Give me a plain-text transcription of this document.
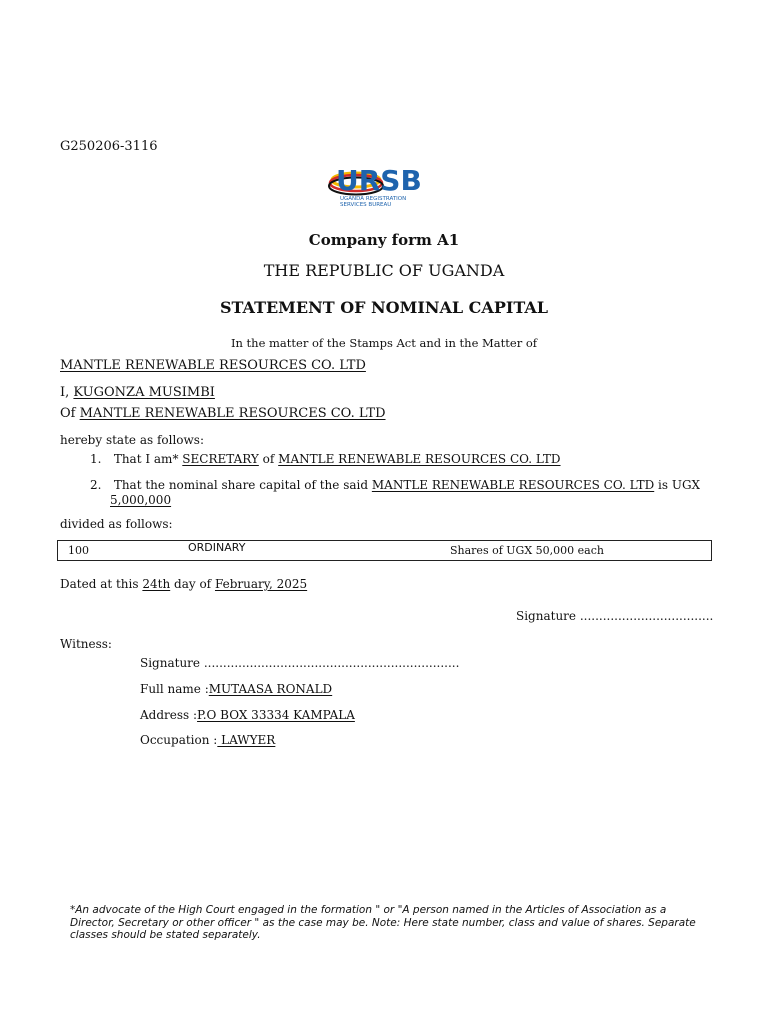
G250206-3116
URSB
UGANDA REGISTRATION
SERVICES BUREAU
Company form A1
THE REPUBLIC OF UGANDA
STATEMENT OF NOMINAL CAPITAL
In the matter of the Stamps Act and in the Matter of
MANTLE RENEWABLE RESOURCES CO. LTD
I, KUGONZA MUSIMBI
Of MANTLE RENEWABLE RESOURCES CO. LTD
hereby state as follows:
1. That I am* SECRETARY of MANTLE RENEWABLE RESOURCES CO. LTD
2. That the nominal share capital of the said MANTLE RENEWABLE RESOURCES CO. LTD is UGX
5,000,000
divided as follows:
100	ORDINARY	Shares of UGX 50,000 each
Dated at this 24th day of February, 2025
Signature ...................................
Witness:
Signature ...................................................................
Full name :MUTAASA RONALD
Address :P.O BOX 33334 KAMPALA
Occupation : LAWYER
*An advocate of the High Court engaged in the formation " or "A person named in the Articles of Association as a Director, Secretary or other officer " as the case may be. Note: Here state number, class and value of shares. Separate classes should be stated separately.
